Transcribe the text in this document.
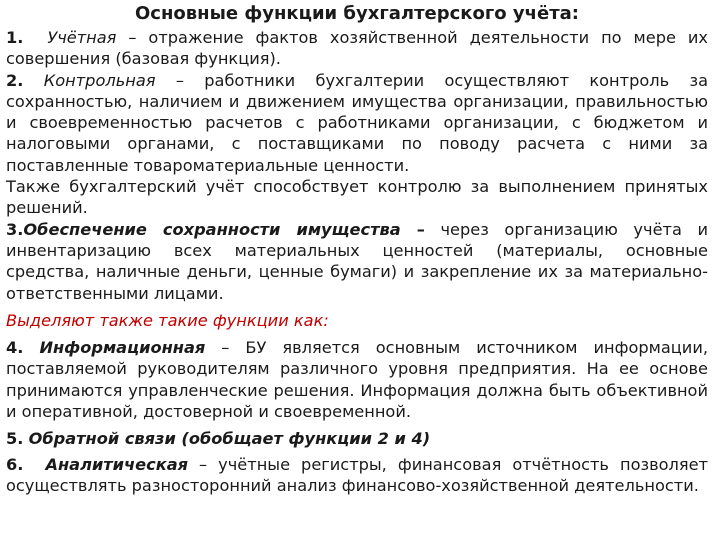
Основные функции бухгалтерского учёта:

1. Учётная – отражение фактов хозяйственной деятельности по мере их совершения (базовая функция).

2. Контрольная – работники бухгалтерии осуществляют контроль за сохранностью, наличием и движением имущества организации, правильностью и своевременностью расчетов с работниками организации, с бюджетом и налоговыми органами, с поставщиками по поводу расчета с ними за поставленные товароматериальные ценности.

Также бухгалтерский учёт способствует контролю за выполнением принятых решений.

3.Обеспечение сохранности имущества – через организацию учёта и инвентаризацию всех материальных ценностей (материалы, основные средства, наличные деньги, ценные бумаги) и закрепление их за материально-ответственными лицами.

Выделяют также такие функции как:

4. Информационная – БУ является основным источником информации, поставляемой руководителям различного уровня предприятия. На ее основе принимаются управленческие решения. Информация должна быть объективной и оперативной, достоверной и своевременной.

5. Обратной связи (обобщает функции 2 и 4)

6. Аналитическая – учётные регистры, финансовая отчётность позволяет осуществлять разносторонний анализ финансово-хозяйственной деятельности.
